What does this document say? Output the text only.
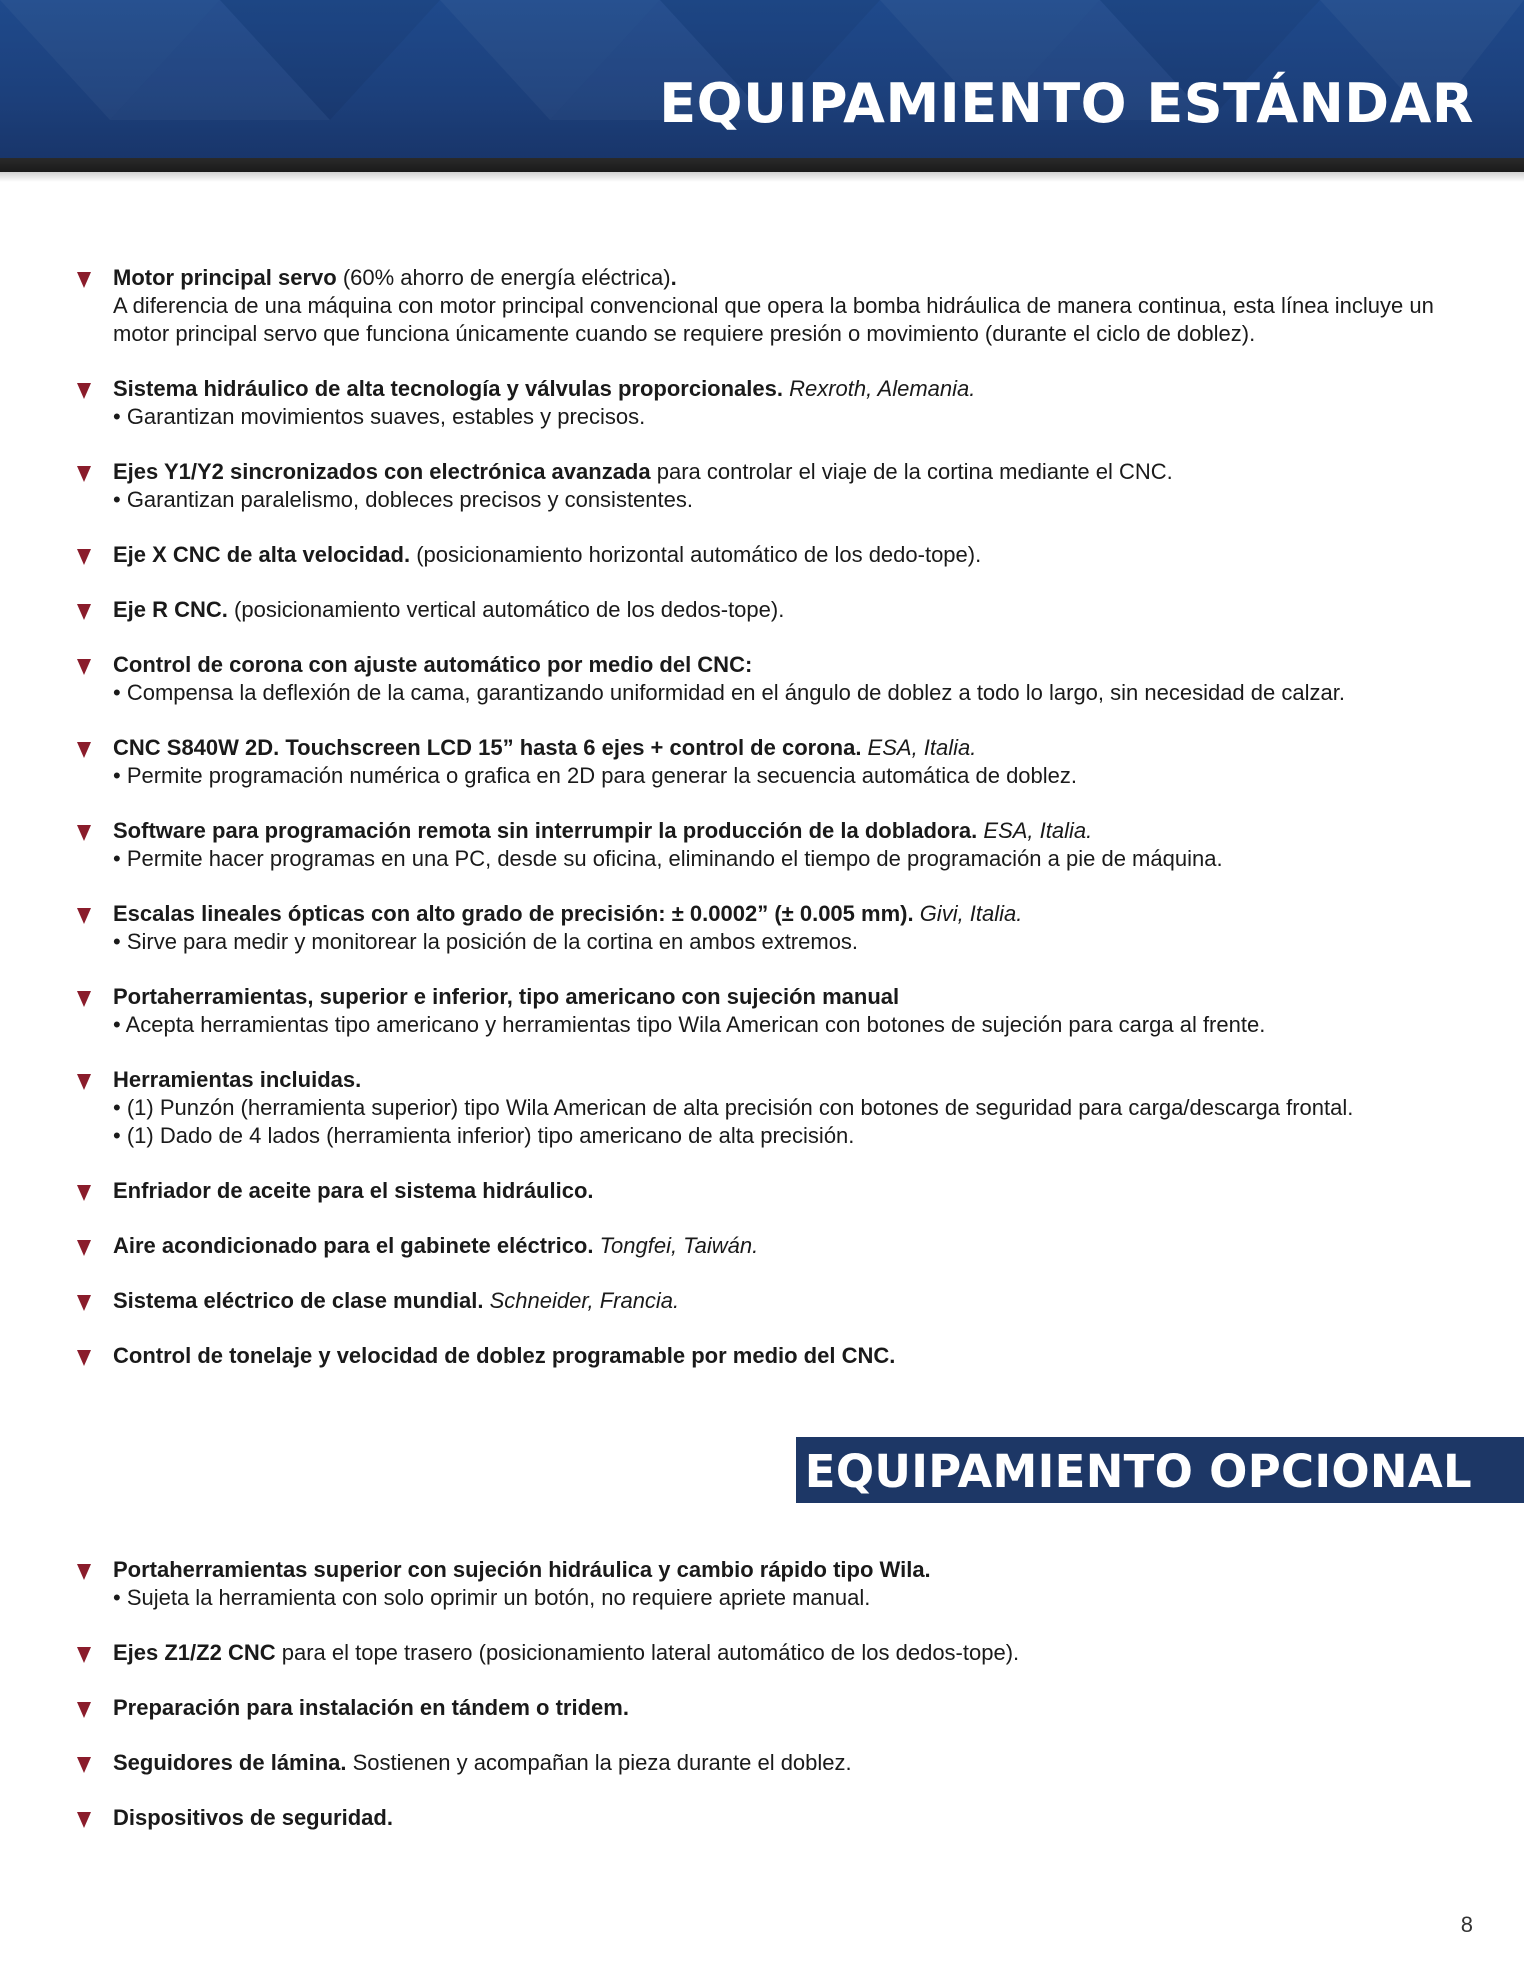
EQUIPAMIENTO ESTÁNDAR
Motor principal servo (60% ahorro de energía eléctrica).
A diferencia de una máquina con motor principal convencional que opera la bomba hidráulica de manera continua, esta línea incluye un motor principal servo que funciona únicamente cuando se requiere presión o movimiento (durante el ciclo de doblez).
Sistema hidráulico de alta tecnología y válvulas proporcionales. Rexroth, Alemania.
• Garantizan movimientos suaves, estables y precisos.
Ejes Y1/Y2 sincronizados con electrónica avanzada para controlar el viaje de la cortina mediante el CNC.
• Garantizan paralelismo, dobleces precisos y consistentes.
Eje X CNC de alta velocidad. (posicionamiento horizontal automático de los dedo-tope).
Eje R CNC. (posicionamiento vertical automático de los dedos-tope).
Control de corona con ajuste automático por medio del CNC:
• Compensa la deflexión de la cama, garantizando uniformidad en el ángulo de doblez a todo lo largo, sin necesidad de calzar.
CNC S840W 2D. Touchscreen LCD 15” hasta 6 ejes + control de corona. ESA, Italia.
• Permite programación numérica o grafica en 2D para generar la secuencia automática de doblez.
Software para programación remota sin interrumpir la producción de la dobladora. ESA, Italia.
• Permite hacer programas en una PC, desde su oficina, eliminando el tiempo de programación a pie de máquina.
Escalas lineales ópticas con alto grado de precisión: ± 0.0002” (± 0.005 mm). Givi, Italia.
• Sirve para medir y monitorear la posición de la cortina en ambos extremos.
Portaherramientas, superior e inferior, tipo americano con sujeción manual
• Acepta herramientas tipo americano y herramientas tipo Wila American con botones de sujeción para carga al frente.
Herramientas incluidas.
• (1) Punzón (herramienta superior) tipo Wila American de alta precisión con botones de seguridad para carga/descarga frontal.
• (1) Dado de 4 lados (herramienta inferior) tipo americano de alta precisión.
Enfriador de aceite para el sistema hidráulico.
Aire acondicionado para el gabinete eléctrico. Tongfei, Taiwán.
Sistema eléctrico de clase mundial. Schneider, Francia.
Control de tonelaje y velocidad de doblez programable por medio del CNC.
EQUIPAMIENTO OPCIONAL
Portaherramientas superior con sujeción hidráulica y cambio rápido tipo Wila.
• Sujeta la herramienta con solo oprimir un botón, no requiere apriete manual.
Ejes Z1/Z2 CNC para el tope trasero (posicionamiento lateral automático de los dedos-tope).
Preparación para instalación en tándem o tridem.
Seguidores de lámina. Sostienen y acompañan la pieza durante el doblez.
Dispositivos de seguridad.
8
